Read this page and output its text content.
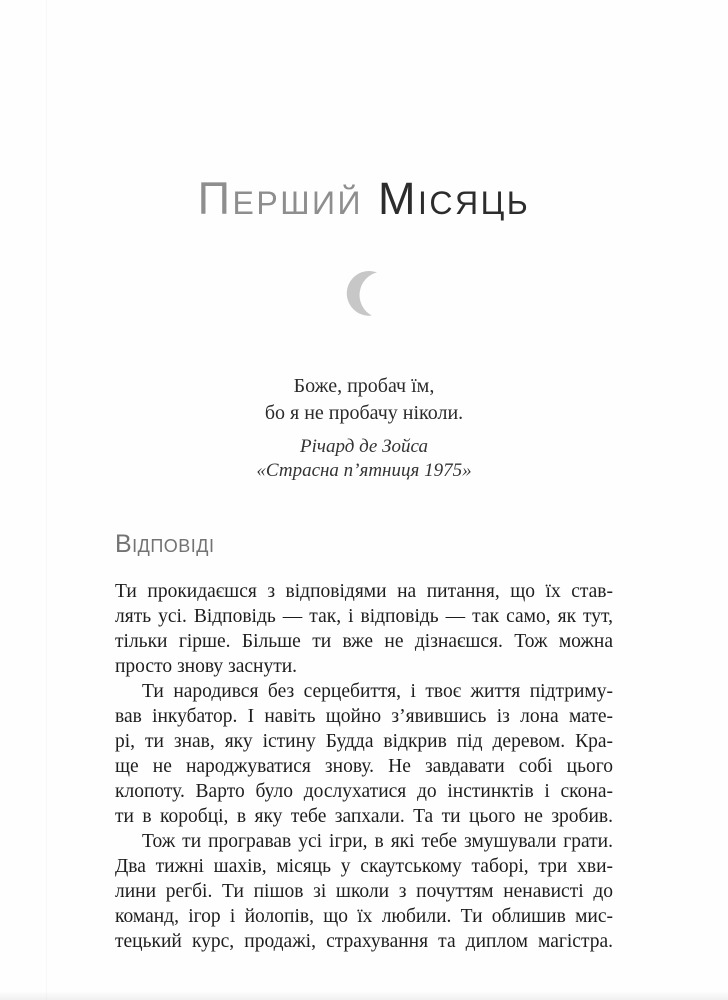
Перший Місяць
Боже, пробач їм,
бо я не пробачу ніколи.
Річард де Зойса
«Страсна п’ятниця 1975»
Відповіді
Ти прокидаєшся з відповідями на питання, що їх став-
лять усі. Відповідь — так, і відповідь — так само, як тут,
тільки гірше. Більше ти вже не дізнаєшся. Тож можна
просто знову заснути.
Ти народився без серцебиття, і твоє життя підтриму-
вав інкубатор. І навіть щойно з’явившись із лона мате-
рі, ти знав, яку істину Будда відкрив під деревом. Кра-
ще не народжуватися знову. Не завдавати собі цього
клопоту. Варто було дослухатися до інстинктів і скона-
ти в коробці, в яку тебе запхали. Та ти цього не зробив.
Тож ти програвав усі ігри, в які тебе змушували грати.
Два тижні шахів, місяць у скаутському таборі, три хви-
лини регбі. Ти пішов зі школи з почуттям ненависті до
команд, ігор і йолопів, що їх любили. Ти облишив мис-
тецький курс, продажі, страхування та диплом магістра.
